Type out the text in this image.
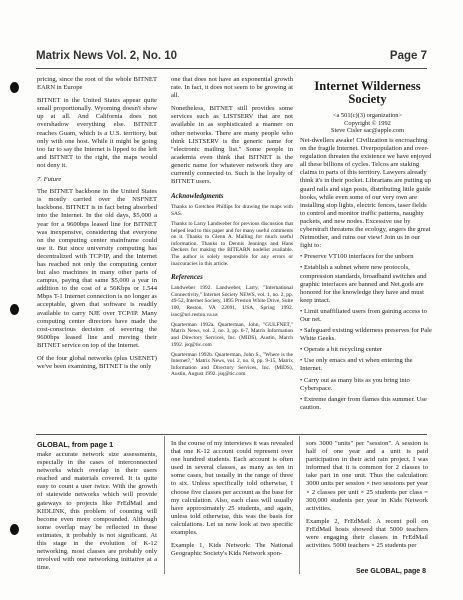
Matrix News Vol. 2, No. 10	Page 7

pricing, since the root of the whole BITNET EARN in Europe

BITNET in the United States appear quite small proportionally. Wyoming doesn't show up at all. And California does not overshadow everything else. BITNET reaches Guam, which is a U.S. territory, but only with one host. While it might be going too far to say the Internet is lipped to the left and BITNET to the right, the maps would not deny it.

7. Future

The BITNET backbone in the United States is mostly carried over the NSFNET backbone. BITNET is in fact being absorbed into the Internet. In the old days, $5,000 a year for a 9600bps leased line for BITNET was inexpensive, considering that everyone on the computing center mainframe could use it. But since university computing has decentralized with TCP/IP, and the Internet has reached not only the computing center but also machines in many other parts of campus, paying that same $5,000 a year in addition to the cost of a 56Kbps or 1.544 Mbps T-1 Internet connection is no longer as acceptable, given that software is readily available to carry NJE over TCP/IP. Many computing center directors have made the cost-conscious decision of severing the 9600bps leased line and moving their BITNET service on top of the Internet.

Of the four global networks (plus USENET) we've been examining, BITNET is the only

one that does not have an exponential growth rate. In fact, it does not seem to be growing at all.

Nonetheless, BITNET still provides some services such as LISTSERV that are not available in as sophisticated a manner on other networks. There are many people who think LISTSERV is the generic name for "electronic mailing list." Some people in academia even think that BITNET is the generic name for whatever network they are currently connected to. Such is the loyalty of BITNET users.

Acknowledgments

Thanks to Gretchen Phillips for drawing the maps with SAS.

Thanks to Larry Landweber for previous discussion that helped lead to this paper and for many useful comments on it. Thanks to Glenn A. Malling for much useful information. Thanks to Dennis Jennings and Hans Deckers for making the BITEARN nodelist available. The author is solely responsible for any errors or inaccuracies in this article.

References

Landweber 1992. Landweber, Larry, "International Connectivity," Internet Society NEWS, vol. 1, no. 2, pp. 49-52, Internet Society, 1895 Preston White Drive, Suite 100, Reston, VA 22091, USA, Spring 1992. isoc@nri.reston.va.us

Quarterman 1992a. Quarterman, John, "GULFNET," Matrix News, vol. 2, no. 3, pp. 6-7, Matrix Information and Directory Services, Inc. (MIDS), Austin, March 1992. jsq@tic.com

Quarterman 1992b. Quarterman, John S., "Where is the Internet?," Matrix News, vol. 2, no. 8, pp. 9-15, Matrix Information and Directory Services, Inc. (MIDS), Austin, August 1992. jsq@tic.com

Internet Wilderness Society
<a 501(c)(3) organization>
Copyright © 1992
Steve Cisler sac@apple.com

Net-dwellers awake! Civilization is encroaching on the fragile Internet. Overpopulation and over-regulation threaten the existence we have enjoyed all these billions of cycles. Telcos are staking claims to parts of this territory. Lawyers already think it's in their pocket. Librarians are putting up guard rails and sign posts, distributing little guide books, while even some of our very own are installing stop lights, electric fences, taser fields to control and monitor traffic patterns, naughty packets, and new nodes. Excessive use by cyberstraft threatens the ecology, angers the great Netmother, and ruins our view! Join us in our fight to:

• Preserve VT100 interfaces for the unborn

• Establish a subnet where new protocols, compression standards, broadband switches and graphic interfaces are banned and Net.gods are honored for the knowledge they have and must keep intact.

• Limit unaffiliated users from gaining access to Our net.

• Safeguard existing wilderness preserves for Pale White Geeks.

• Operate a bit recycling center

• Use only emacs and vi when entering the Internet.

• Carry out as many bits as you bring into Cyberspace.

• Extreme danger from flames this summer. Use caution.

GLOBAL, from page 1

make accurate network size assessments, especially in the cases of interconnected networks which overlap in their users reached and materials covered. It is quite easy to count a user twice. With the growth of statewide networks which will provide gateways to projects like FrEdMail and KIDLINK, this problem of counting will become even more compounded. Although some overlap may be reflected in these estimates, it probably is not significant. At this stage in the evolution of K-12 networking, most classes are probably only involved with one networking initiative at a time.

In the course of my interviews it was revealed that one K-12 account could represent over one hundred students. Each account is often used in several classes, as many as ten in some cases, but usually in the range of three to six. Unless specifically told otherwise, I choose five classes per account as the base for my calculation. Also, each class will usually have approximately 25 students, and again, unless told otherwise, this was the basis for calculations. Let us now look at two specific examples.

Example 1, Kids Network: The National Geographic Society's Kids Network spon-

sors 3000 "units" per "session". A session is half of one year and a unit is paid participation in their acid rain project. I was informed that it is common for 2 classes to take part in one unit. Thus the calculation: 3000 units per session × two sessions per year × 2 classes per unit × 25 students per class = 300,000 students per year in Kids Network activities.

Example 2, FrEdMail: A recent poll on FrEdMail hosts showed that 5000 teachers were engaging their classes in FrEdMail activities. 5000 teachers × 25 students per

See GLOBAL, page 8
